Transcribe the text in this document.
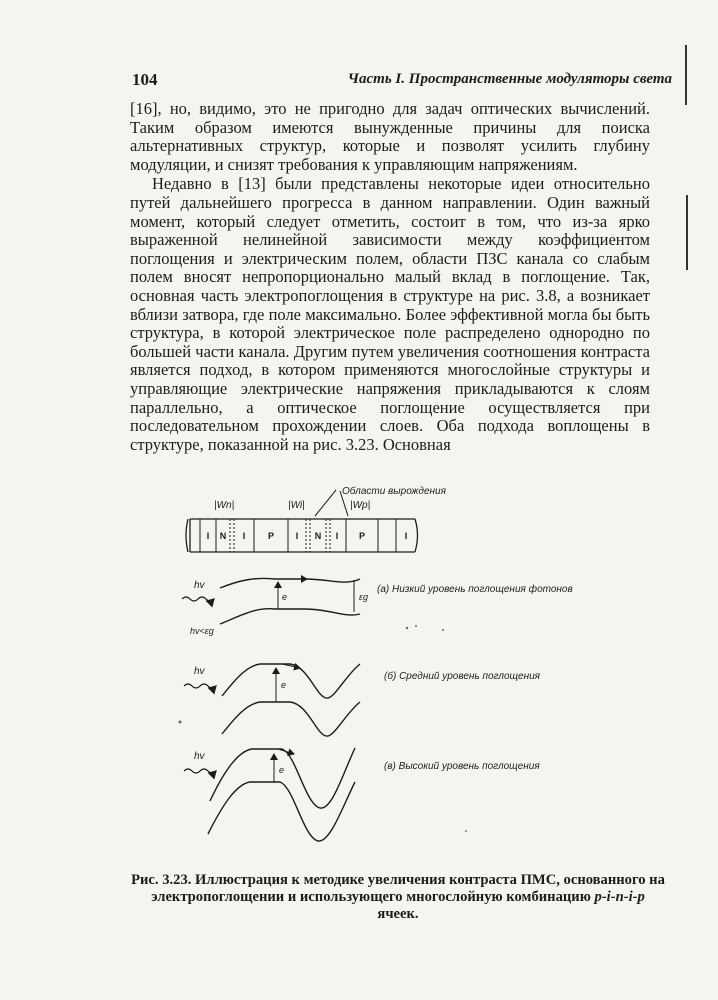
104	Часть I. Пространственные модуляторы света

[16], но, видимо, это не пригодно для задач оптических вычислений. Таким образом имеются вынужденные причины для поиска альтернативных структур, которые и позволят усилить глубину модуляции, и снизят требования к управляющим напряжениям.

Недавно в [13] были представлены некоторые идеи относительно путей дальнейшего прогресса в данном направлении. Один важный момент, который следует отметить, состоит в том, что из-за ярко выраженной нелинейной зависимости между коэффициентом поглощения и электрическим полем, области ПЗС канала со слабым полем вносят непропорционально малый вклад в поглощение. Так, основная часть электропоглощения в структуре на рис. 3.8, а возникает вблизи затвора, где поле максимально. Более эффективной могла бы быть структура, в которой электрическое поле распределено однородно по большей части канала. Другим путем увеличения соотношения контраста является подход, в котором применяются многослойные структуры и управляющие электрические напряжения прикладываются к слоям параллельно, а оптическое поглощение осуществляется при последовательном прохождении слоев. Оба подхода воплощены в структуре, показанной на рис. 3.23. Основная

Области вырождения
|Wn|	|Wi|	|Wp|
I N I	P I N I P	I
hv
hv<εg
e	εg
(a) Низкий уровень поглощения фотонов
hv
e
(б) Средний уровень поглощения
hv
e	(в) Высокий уровень поглощения

Рис. 3.23. Иллюстрация к методике увеличения контраста ПМС, основанного на электропоглощении и использующего многослойную комбинацию p-i-n-i-p
ячеек.
